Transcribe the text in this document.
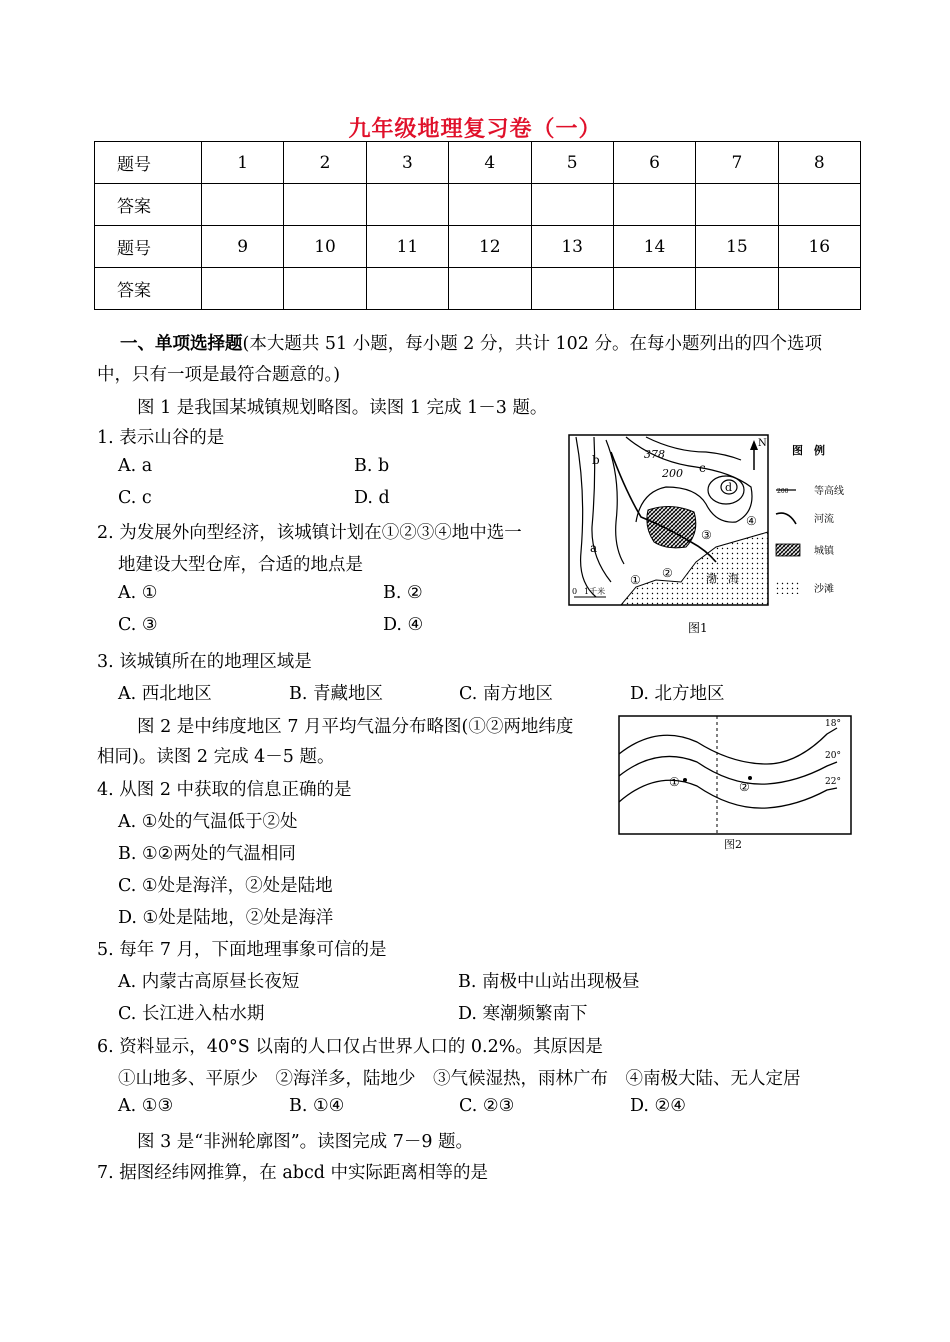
九年级地理复习卷（一）
题号	1	2	3	4	5	6	7	8
答案								
题号	9	10	11	12	13	14	15	16
答案								
一、单项选择题(本大题共 51 小题，每小题 2 分，共计 102 分。在每小题列出的四个选项
中，只有一项是最符合题意的。)
图 1 是我国某城镇规划略图。读图 1 完成 1－3 题。
1. 表示山谷的是
A. a	B. b
C. c	D. d
2. 为发展外向型经济，该城镇计划在①②③④地中选一
地建设大型仓库，合适的地点是
A. ①	B. ②
C. ③	D. ④
3. 该城镇所在的地理区域是
A. 西北地区	B. 青藏地区	C. 南方地区	D. 北方地区
图 2 是中纬度地区 7 月平均气温分布略图(①②两地纬度
相同)。读图 2 完成 4－5 题。
4. 从图 2 中获取的信息正确的是
A. ①处的气温低于②处
B. ①②两处的气温相同
C. ①处是海洋，②处是陆地
D. ①处是陆地，②处是海洋
5. 每年 7 月，下面地理事象可信的是
A. 内蒙古高原昼长夜短	B. 南极中山站出现极昼
C. 长江进入枯水期	D. 寒潮频繁南下
6. 资料显示，40°S 以南的人口仅占世界人口的 0.2%。其原因是
①山地多、平原少　②海洋多，陆地少　③气候湿热，雨林广布　④南极大陆、无人定居
A. ①③	B. ①④	C. ②③	D. ②④
图 3 是“非洲轮廓图”。读图完成 7－9 题。
7. 据图经纬网推算，在 abcd 中实际距离相等的是
N
378
200
b
a
c
d
③
④
②
①	渤　海
0 1千米
图　例
200	等高线
河流
城镇
沙滩
图1
18°
20°
22°
①	②
图2
